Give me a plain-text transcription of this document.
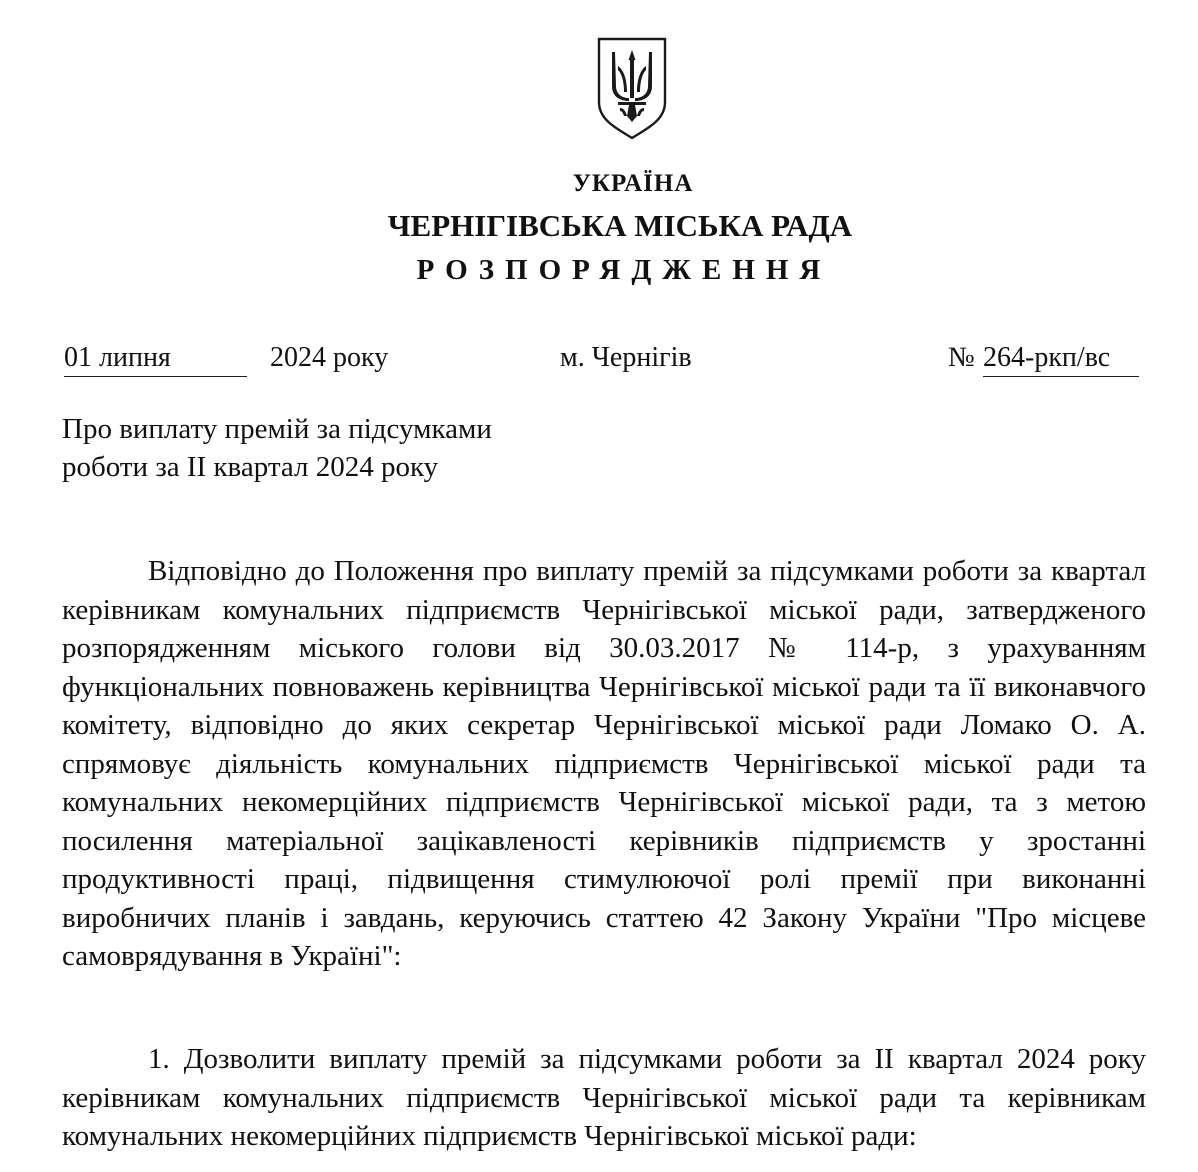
УКРАЇНА
ЧЕРНІГІВСЬКА МІСЬКА РАДА
РОЗПОРЯДЖЕННЯ
01 липня	2024 року	м. Чернігів	№ 264-ркп/вс
Про виплату премій за підсумками
роботи за ІІ квартал 2024 року

Відповідно до Положення про виплату премій за підсумками роботи за квартал керівникам комунальних підприємств Чернігівської міської ради, затвердженого розпорядженням міського голови від 30.03.2017 № 114-р, з урахуванням функціональних повноважень керівництва Чернігівської міської ради та її виконавчого комітету, відповідно до яких секретар Чернігівської міської ради Ломако О. А. спрямовує діяльність комунальних підприємств Чернігівської міської ради та комунальних некомерційних підприємств Чернігівської міської ради, та з метою посилення матеріальної зацікавленості керівників підприємств у зростанні продуктивності праці, підвищення стимулюючої ролі премії при виконанні виробничих планів і завдань, керуючись статтею 42 Закону України "Про місцеве самоврядування в Україні":

1. Дозволити виплату премій за підсумками роботи за ІІ квартал 2024 року керівникам комунальних підприємств Чернігівської міської ради та керівникам комунальних некомерційних підприємств Чернігівської міської ради:
